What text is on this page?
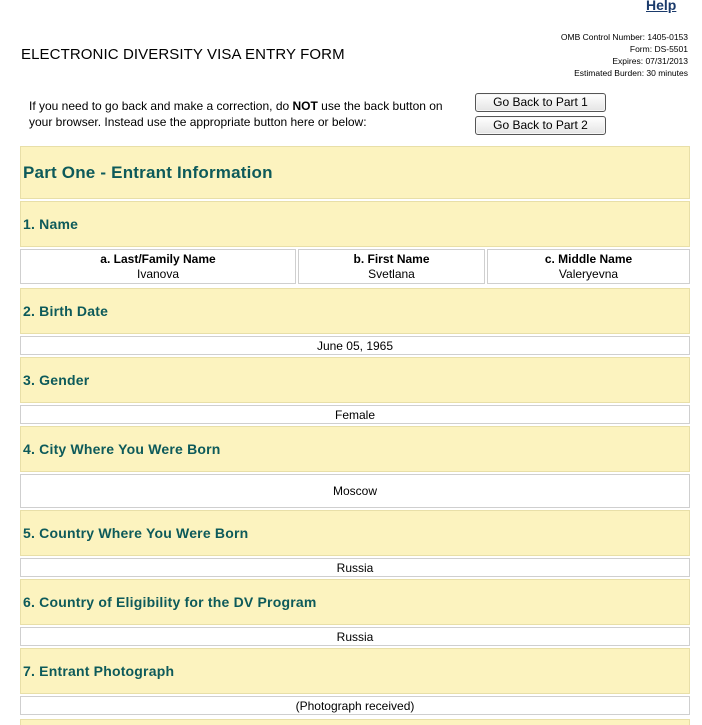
Help
ELECTRONIC DIVERSITY VISA ENTRY FORM
OMB Control Number: 1405-0153
Form: DS-5501
Expires: 07/31/2013
Estimated Burden: 30 minutes
If you need to go back and make a correction, do NOT use the back button on your browser. Instead use the appropriate button here or below:
Go Back to Part 1
Go Back to Part 2
Part One - Entrant Information
1. Name
a. Last/Family Name
Ivanova
b. First Name
Svetlana
c. Middle Name
Valeryevna
2. Birth Date
June 05, 1965
3. Gender
Female
4. City Where You Were Born
Moscow
5. Country Where You Were Born
Russia
6. Country of Eligibility for the DV Program
Russia
7. Entrant Photograph
(Photograph received)
